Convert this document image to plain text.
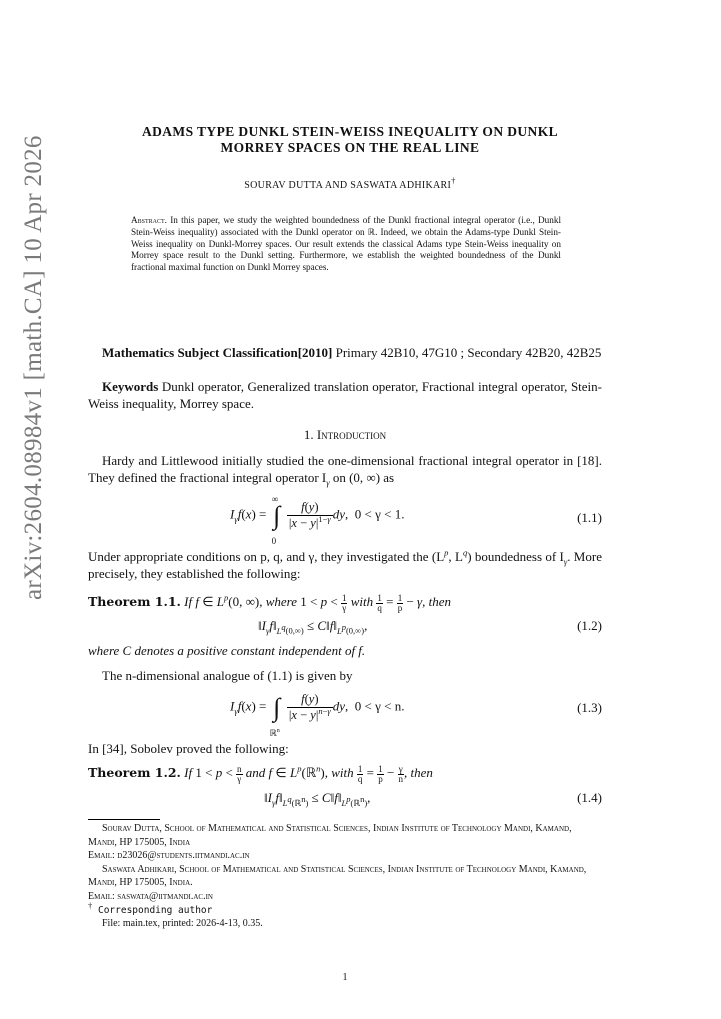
arXiv:2604.08984v1 [math.CA] 10 Apr 2026
ADAMS TYPE DUNKL STEIN-WEISS INEQUALITY ON DUNKL
MORREY SPACES ON THE REAL LINE
SOURAV DUTTA AND SASWATA ADHIKARI†
Abstract. In this paper, we study the weighted boundedness of the Dunkl fractional integral operator (i.e., Dunkl Stein-Weiss inequality) associated with the Dunkl operator on ℝ. Indeed, we obtain the Adams-type Dunkl Stein-Weiss inequality on Dunkl-Morrey spaces. Our result extends the classical Adams type Stein-Weiss inequality on Morrey space result to the Dunkl setting. Furthermore, we establish the weighted boundedness of the Dunkl fractional maximal function on Dunkl Morrey spaces.
Mathematics Subject Classification[2010] Primary 42B10, 47G10 ; Secondary 42B20, 42B25
Keywords Dunkl operator, Generalized translation operator, Fractional integral operator, Stein-Weiss inequality, Morrey space.
1. Introduction
Hardy and Littlewood initially studied the one-dimensional fractional integral operator in [18]. They defined the fractional integral operator $I_\gamma$ on (0, ∞) as
$I_\gamma f(x)$ = ∫
∞
0

$\frac{f(y)}{|x - y|^{1-\gamma}}$ dy,  0 < γ < 1.	(1.1)
Under appropriate conditions on p, q, and γ, they investigated the ($L^p$, $L^q$) boundedness of $I_\gamma$. More precisely, they established the following:
Theorem 1.1. If f ∈ $L^p(0$, ∞), where $1 < p < \frac{1}{\gamma}$ with $\frac{1}{q} = \frac{1}{p} - \gamma$, then
$‖I_\gamma f‖_{L^q(0,\infty)}$ ≤ $C‖f‖_{L^p(0,\infty)}$,	(1.2)
where C denotes a positive constant independent of f.
The n-dimensional analogue of (1.1) is given by
$I_\gamma f(x)$ = ∫
ℝ$^n$

$\frac{f(y)}{|x - y|^{n-\gamma}}$ dy,  0 < γ < n.	(1.3)
In [34], Sobolev proved the following:
Theorem 1.2. If $1 < p < \frac{n}{\gamma}$ and f ∈ $L^p(ℝ^n)$, with $\frac{1}{q} = \frac{1}{p} - \frac{\gamma}{n}$ , then
$‖I_\gamma f‖_{L^q(ℝ^n)}$ ≤ $C‖f‖_{L^p(ℝ^n)}$,	(1.4)
Sourav Dutta, School of Mathematical and Statistical Sciences, Indian Institute of Technology Mandi, Kamand, Mandi, HP 175005, India
Email: d23026@students.iitmandi.ac.in
Saswata Adhikari, School of Mathematical and Statistical Sciences, Indian Institute of Technology Mandi, Kamand, Mandi, HP 175005, India.
Email: saswata@iitmandi.ac.in
† Corresponding author
File: main.tex, printed: 2026-4-13, 0.35.
1
